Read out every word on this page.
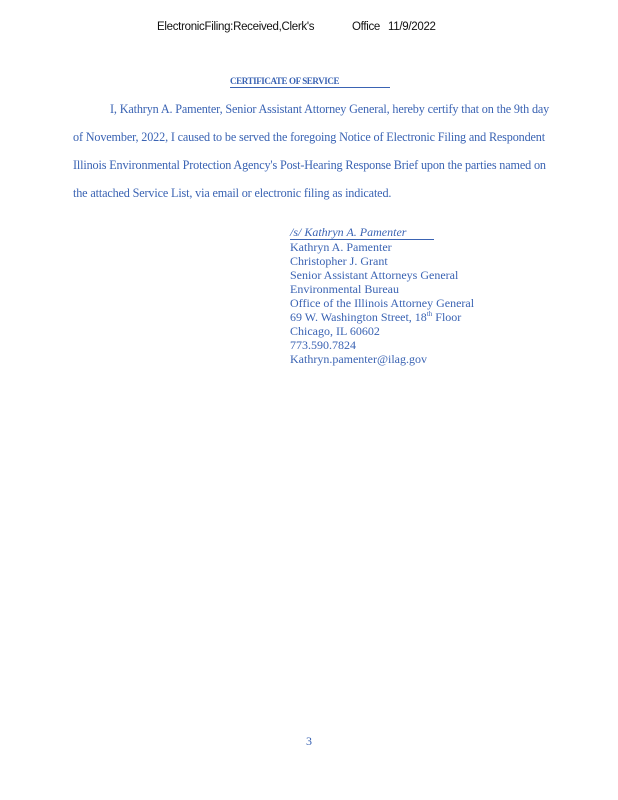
ElectronicFiling:Received,Clerk's	Office 11/9/2022
CERTIFICATE OF SERVICE

I, Kathryn A. Pamenter, Senior Assistant Attorney General, hereby certify that on the 9th day of November, 2022, I caused to be served the foregoing Notice of Electronic Filing and Respondent Illinois Environmental Protection Agency's Post-Hearing Response Brief upon the parties named on the attached Service List, via email or electronic filing as indicated.

/s/ Kathryn A. Pamenter
Kathryn A. Pamenter
Christopher J. Grant
Senior Assistant Attorneys General
Environmental Bureau
Office of the Illinois Attorney General
69 W. Washington Street, 18th Floor
Chicago, IL 60602
773.590.7824
Kathryn.pamenter@ilag.gov
3
